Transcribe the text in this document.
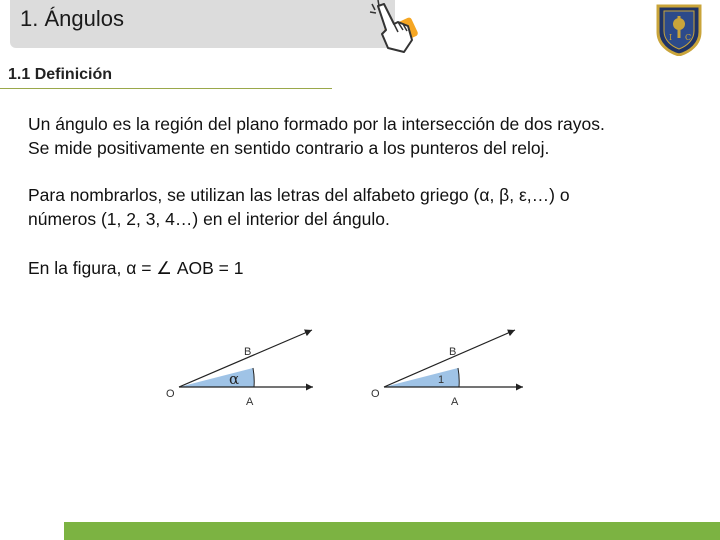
1. Ángulos
I C
1.1 Definición
Un ángulo es la región del plano formado por la intersección de dos rayos.
Se mide positivamente en sentido contrario a los punteros del reloj.
Para nombrarlos, se utilizan las letras del alfabeto griego (α, β, ε,…) o
números (1, 2, 3, 4…) en el interior del ángulo.
En la figura, α = ∠ AOB = 1
O
B
A
α
O
B
A
1
